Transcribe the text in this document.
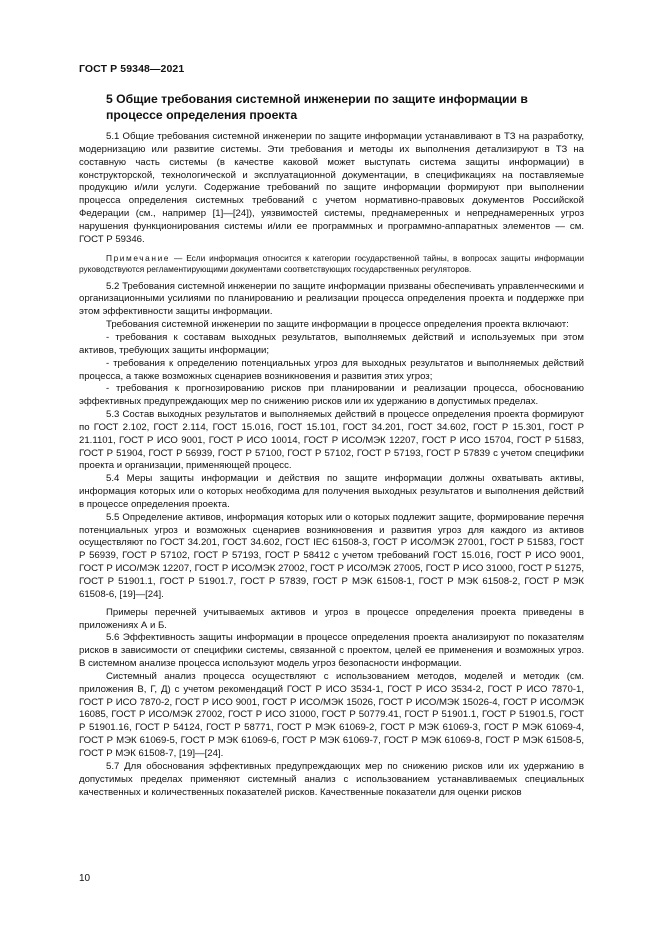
ГОСТ Р 59348—2021
5 Общие требования системной инженерии по защите информации в процессе определения проекта

5.1 Общие требования системной инженерии по защите информации устанавливают в ТЗ на разработку, модернизацию или развитие системы. Эти требования и методы их выполнения детализируют в ТЗ на составную часть системы (в качестве каковой может выступать система защиты информации) в конструкторской, технологической и эксплуатационной документации, в спецификациях на поставляемые продукцию и/или услуги. Содержание требований по защите информации формируют при выполнении процесса определения системных требований с учетом нормативно-правовых документов Российской Федерации (см., например [1]—[24]), уязвимостей системы, преднамеренных и непреднамеренных угроз нарушения функционирования системы и/или ее программных и программно-аппаратных элементов — см. ГОСТ Р 59346.

Примечание — Если информация относится к категории государственной тайны, в вопросах защиты информации руководствуются регламентирующими документами соответствующих государственных регуляторов.

5.2 Требования системной инженерии по защите информации призваны обеспечивать управленческими и организационными усилиями по планированию и реализации процесса определения проекта и поддержке при этом эффективности защиты информации.

Требования системной инженерии по защите информации в процессе определения проекта включают:

- требования к составам выходных результатов, выполняемых действий и используемых при этом активов, требующих защиты информации;

- требования к определению потенциальных угроз для выходных результатов и выполняемых действий процесса, а также возможных сценариев возникновения и развития этих угроз;

- требования к прогнозированию рисков при планировании и реализации процесса, обоснованию эффективных предупреждающих мер по снижению рисков или их удержанию в допустимых пределах.

5.3 Состав выходных результатов и выполняемых действий в процессе определения проекта формируют по ГОСТ 2.102, ГОСТ 2.114, ГОСТ 15.016, ГОСТ 15.101, ГОСТ 34.201, ГОСТ 34.602, ГОСТ Р 15.301, ГОСТ Р 21.1101, ГОСТ Р ИСО 9001, ГОСТ Р ИСО 10014, ГОСТ Р ИСО/МЭК 12207, ГОСТ Р ИСО 15704, ГОСТ Р 51583, ГОСТ Р 51904, ГОСТ Р 56939, ГОСТ Р 57100, ГОСТ Р 57102, ГОСТ Р 57193, ГОСТ Р 57839 с учетом специфики проекта и организации, применяющей процесс.

5.4 Меры защиты информации и действия по защите информации должны охватывать активы, информация которых или о которых необходима для получения выходных результатов и выполнения действий в процессе определения проекта.

5.5 Определение активов, информация которых или о которых подлежит защите, формирование перечня потенциальных угроз и возможных сценариев возникновения и развития угроз для каждого из активов осуществляют по ГОСТ 34.201, ГОСТ 34.602, ГОСТ IEC 61508-3, ГОСТ Р ИСО/МЭК 27001, ГОСТ Р 51583, ГОСТ Р 56939, ГОСТ Р 57102, ГОСТ Р 57193, ГОСТ Р 58412 с учетом требований ГОСТ 15.016, ГОСТ Р ИСО 9001, ГОСТ Р ИСО/МЭК 12207, ГОСТ Р ИСО/МЭК 27002, ГОСТ Р ИСО/МЭК 27005, ГОСТ Р ИСО 31000, ГОСТ Р 51275, ГОСТ Р 51901.1, ГОСТ Р 51901.7, ГОСТ Р 57839, ГОСТ Р МЭК 61508-1, ГОСТ Р МЭК 61508-2, ГОСТ Р МЭК 61508-6, [19]—[24].

Примеры перечней учитываемых активов и угроз в процессе определения проекта приведены в приложениях А и Б.

5.6 Эффективность защиты информации в процессе определения проекта анализируют по показателям рисков в зависимости от специфики системы, связанной с проектом, целей ее применения и возможных угроз. В системном анализе процесса используют модель угроз безопасности информации.

Системный анализ процесса осуществляют с использованием методов, моделей и методик (см. приложения В, Г, Д) с учетом рекомендаций ГОСТ Р ИСО 3534-1, ГОСТ Р ИСО 3534-2, ГОСТ Р ИСО 7870-1, ГОСТ Р ИСО 7870-2, ГОСТ Р ИСО 9001, ГОСТ Р ИСО/МЭК 15026, ГОСТ Р ИСО/МЭК 15026-4, ГОСТ Р ИСО/МЭК 16085, ГОСТ Р ИСО/МЭК 27002, ГОСТ Р ИСО 31000, ГОСТ Р 50779.41, ГОСТ Р 51901.1, ГОСТ Р 51901.5, ГОСТ Р 51901.16, ГОСТ Р 54124, ГОСТ Р 58771, ГОСТ Р МЭК 61069-2, ГОСТ Р МЭК 61069-3, ГОСТ Р МЭК 61069-4, ГОСТ Р МЭК 61069-5, ГОСТ Р МЭК 61069-6, ГОСТ Р МЭК 61069-7, ГОСТ Р МЭК 61069-8, ГОСТ Р МЭК 61508-5, ГОСТ Р МЭК 61508-7, [19]—[24].

5.7 Для обоснования эффективных предупреждающих мер по снижению рисков или их удержанию в допустимых пределах применяют системный анализ с использованием устанавливаемых специальных качественных и количественных показателей рисков. Качественные показатели для оценки рисков

10
